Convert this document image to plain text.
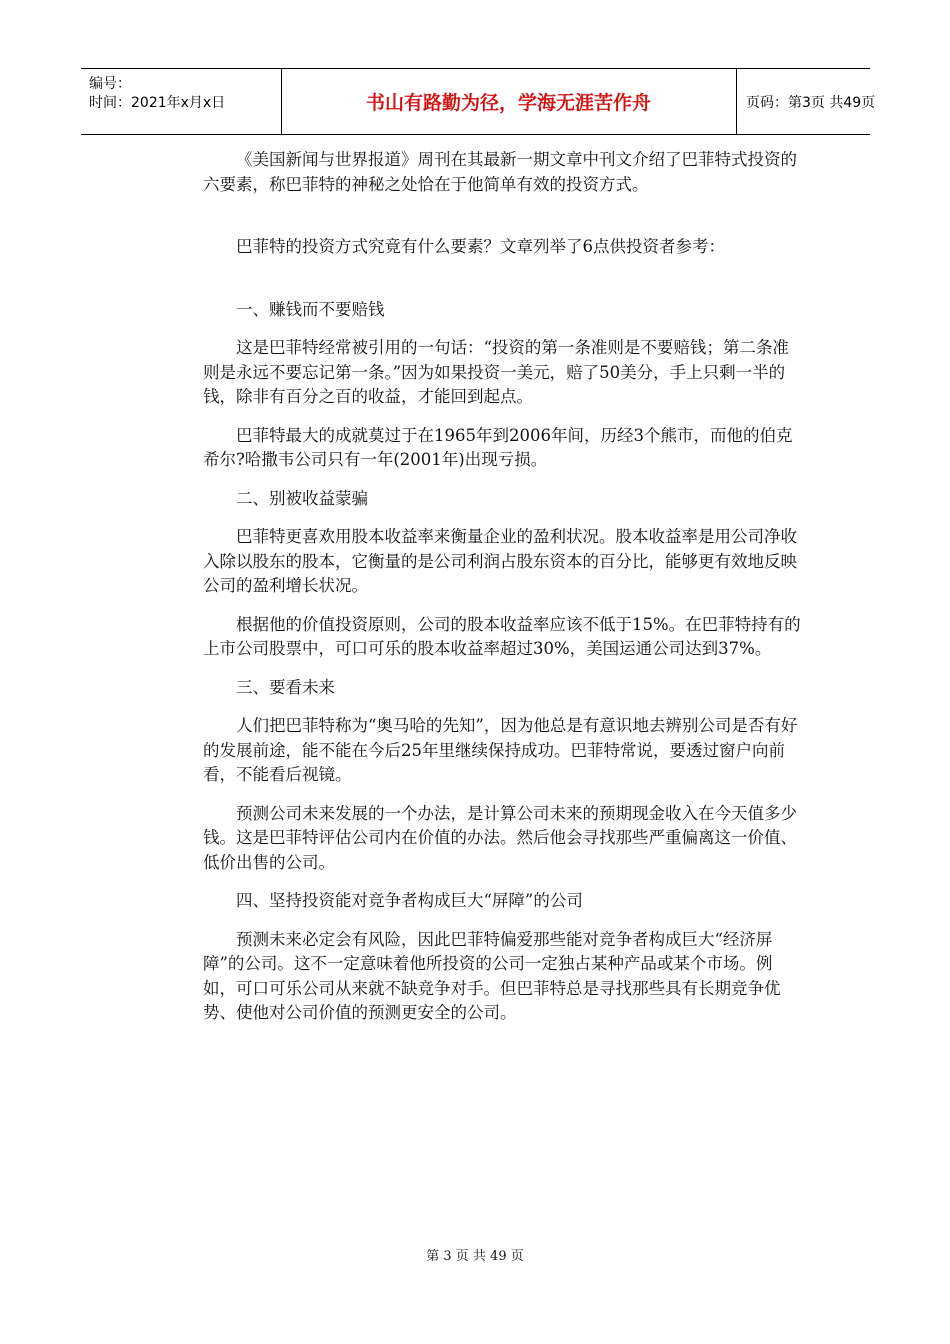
编号：
时间：2021年x月x日	书山有路勤为径，学海无涯苦作舟	页码：第3页 共49页

《美国新闻与世界报道》周刊在其最新一期文章中刊文介绍了巴菲特式投资的六要素，称巴菲特的神秘之处恰在于他简单有效的投资方式。

巴菲特的投资方式究竟有什么要素？文章列举了6点供投资者参考：

一、赚钱而不要赔钱

这是巴菲特经常被引用的一句话：“投资的第一条准则是不要赔钱；第二条准则是永远不要忘记第一条。”因为如果投资一美元，赔了50美分，手上只剩一半的钱，除非有百分之百的收益，才能回到起点。

巴菲特最大的成就莫过于在1965年到2006年间，历经3个熊市，而他的伯克希尔?哈撒韦公司只有一年(2001年)出现亏损。

二、别被收益蒙骗

巴菲特更喜欢用股本收益率来衡量企业的盈利状况。股本收益率是用公司净收入除以股东的股本，它衡量的是公司利润占股东资本的百分比，能够更有效地反映公司的盈利增长状况。

根据他的价值投资原则，公司的股本收益率应该不低于15%。在巴菲特持有的上市公司股票中，可口可乐的股本收益率超过30%，美国运通公司达到37%。

三、要看未来

人们把巴菲特称为“奥马哈的先知”，因为他总是有意识地去辨别公司是否有好的发展前途，能不能在今后25年里继续保持成功。巴菲特常说，要透过窗户向前看，不能看后视镜。

预测公司未来发展的一个办法，是计算公司未来的预期现金收入在今天值多少钱。这是巴菲特评估公司内在价值的办法。然后他会寻找那些严重偏离这一价值、低价出售的公司。

四、坚持投资能对竞争者构成巨大“屏障”的公司

预测未来必定会有风险，因此巴菲特偏爱那些能对竞争者构成巨大“经济屏障”的公司。这不一定意味着他所投资的公司一定独占某种产品或某个市场。例如，可口可乐公司从来就不缺竞争对手。但巴菲特总是寻找那些具有长期竞争优势、使他对公司价值的预测更安全的公司。

第 3 页 共 49 页
